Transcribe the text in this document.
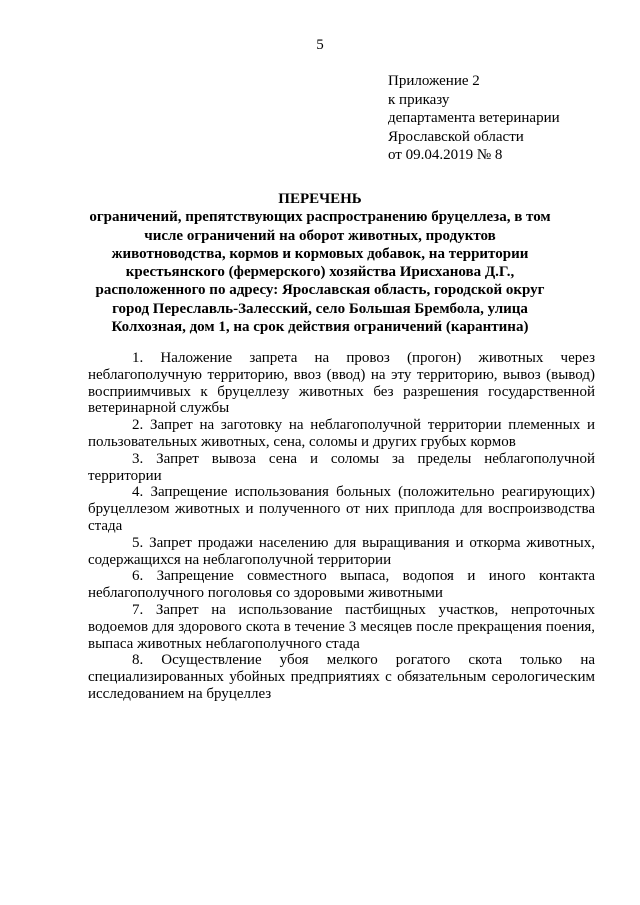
5
Приложение 2
к приказу
департамента ветеринарии
Ярославской области
от 09.04.2019 № 8
ПЕРЕЧЕНЬ
ограничений, препятствующих распространению бруцеллеза, в том числе ограничений на оборот животных, продуктов животноводства, кормов и кормовых добавок, на территории крестьянского (фермерского) хозяйства Ирисханова Д.Г., расположенного по адресу: Ярославская область, городской округ город Переславль-Залесский, село Большая Брембола, улица Колхозная, дом 1, на срок действия ограничений (карантина)

1. Наложение запрета на провоз (прогон) животных через неблагополучную территорию, ввоз (ввод) на эту территорию, вывоз (вывод) восприимчивых к бруцеллезу животных без разрешения государственной ветеринарной службы

2. Запрет на заготовку на неблагополучной территории племенных и пользовательных животных, сена, соломы и других грубых кормов

3. Запрет вывоза сена и соломы за пределы неблагополучной территории

4. Запрещение использования больных (положительно реагирующих) бруцеллезом животных и полученного от них приплода для воспроизводства стада

5. Запрет продажи населению для выращивания и откорма животных, содержащихся на неблагополучной территории

6. Запрещение совместного выпаса, водопоя и иного контакта неблагополучного поголовья со здоровыми животными

7. Запрет на использование пастбищных участков, непроточных водоемов для здорового скота в течение 3 месяцев после прекращения поения, выпаса животных неблагополучного стада

8. Осуществление убоя мелкого рогатого скота только на специализированных убойных предприятиях с обязательным серологическим исследованием на бруцеллез
